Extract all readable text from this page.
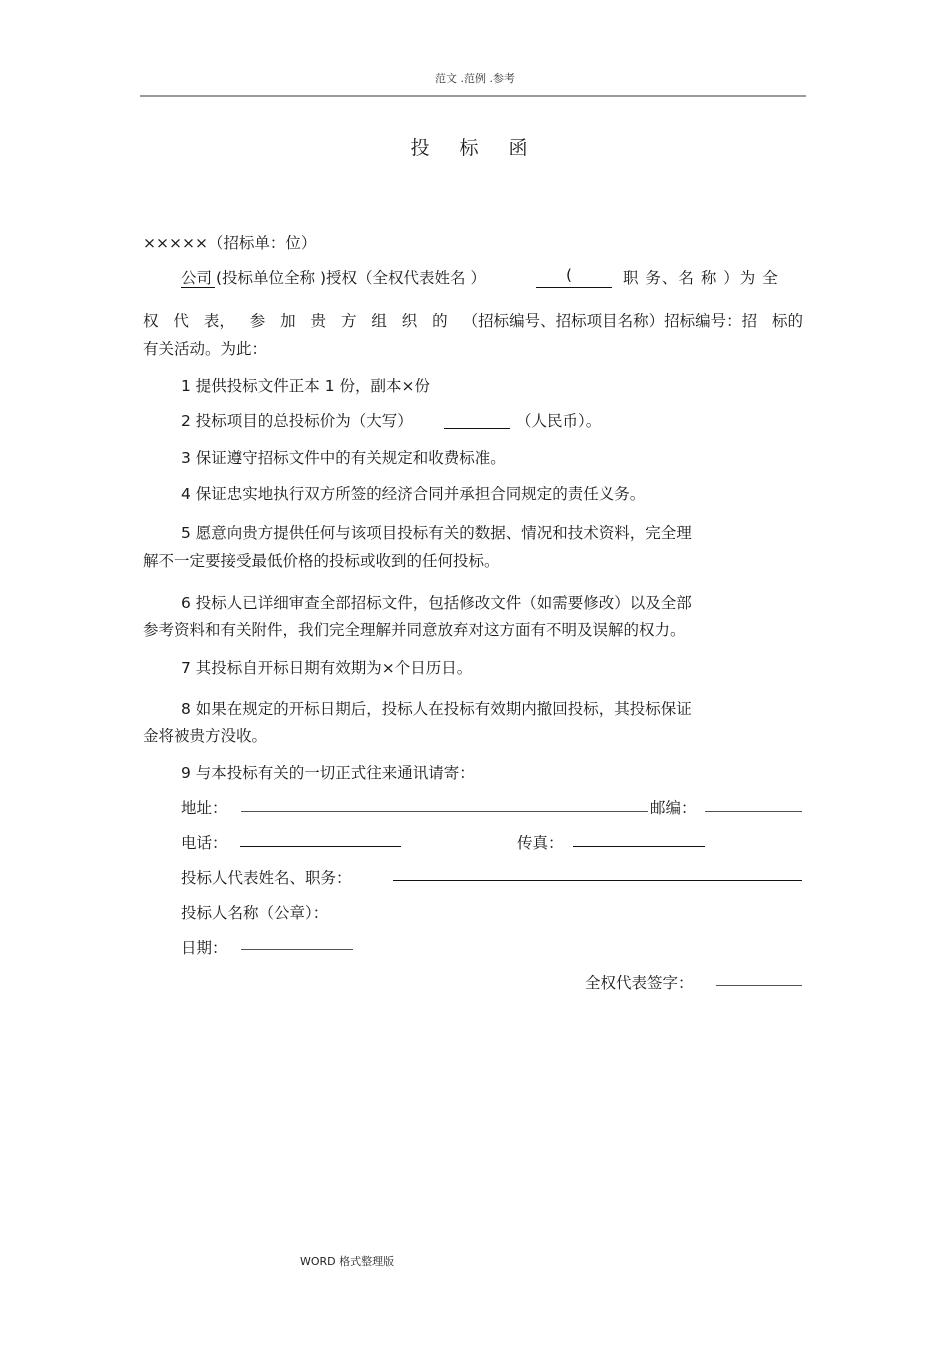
范文 .范例 .参考
投 标 函
×××××（招标单：位）
公司 (投标单位全称 )授权（全权代表姓名 ）	(	职 务、名 称 ）为 全
权 代 表， 参 加 贵 方 组 织 的 （招标编号、招标项目名称）招标编号：招 标的
有关活动。为此：
1 提供投标文件正本 1 份，副本×份
2 投标项目的总投标价为（大写）	（人民币）。
3 保证遵守招标文件中的有关规定和收费标准。
4 保证忠实地执行双方所签的经济合同并承担合同规定的责任义务。
5 愿意向贵方提供任何与该项目投标有关的数据、情况和技术资料，完全理
解不一定要接受最低价格的投标或收到的任何投标。
6 投标人已详细审查全部招标文件，包括修改文件（如需要修改）以及全部
参考资料和有关附件，我们完全理解并同意放弃对这方面有不明及误解的权力。
7 其投标自开标日期有效期为×个日历日。
8 如果在规定的开标日期后，投标人在投标有效期内撤回投标，其投标保证
金将被贵方没收。
9 与本投标有关的一切正式往来通讯请寄：
地址：	邮编：
电话：	传真：
投标人代表姓名、职务：
投标人名称（公章）：
日期：
全权代表签字：
WORD 格式整理版
